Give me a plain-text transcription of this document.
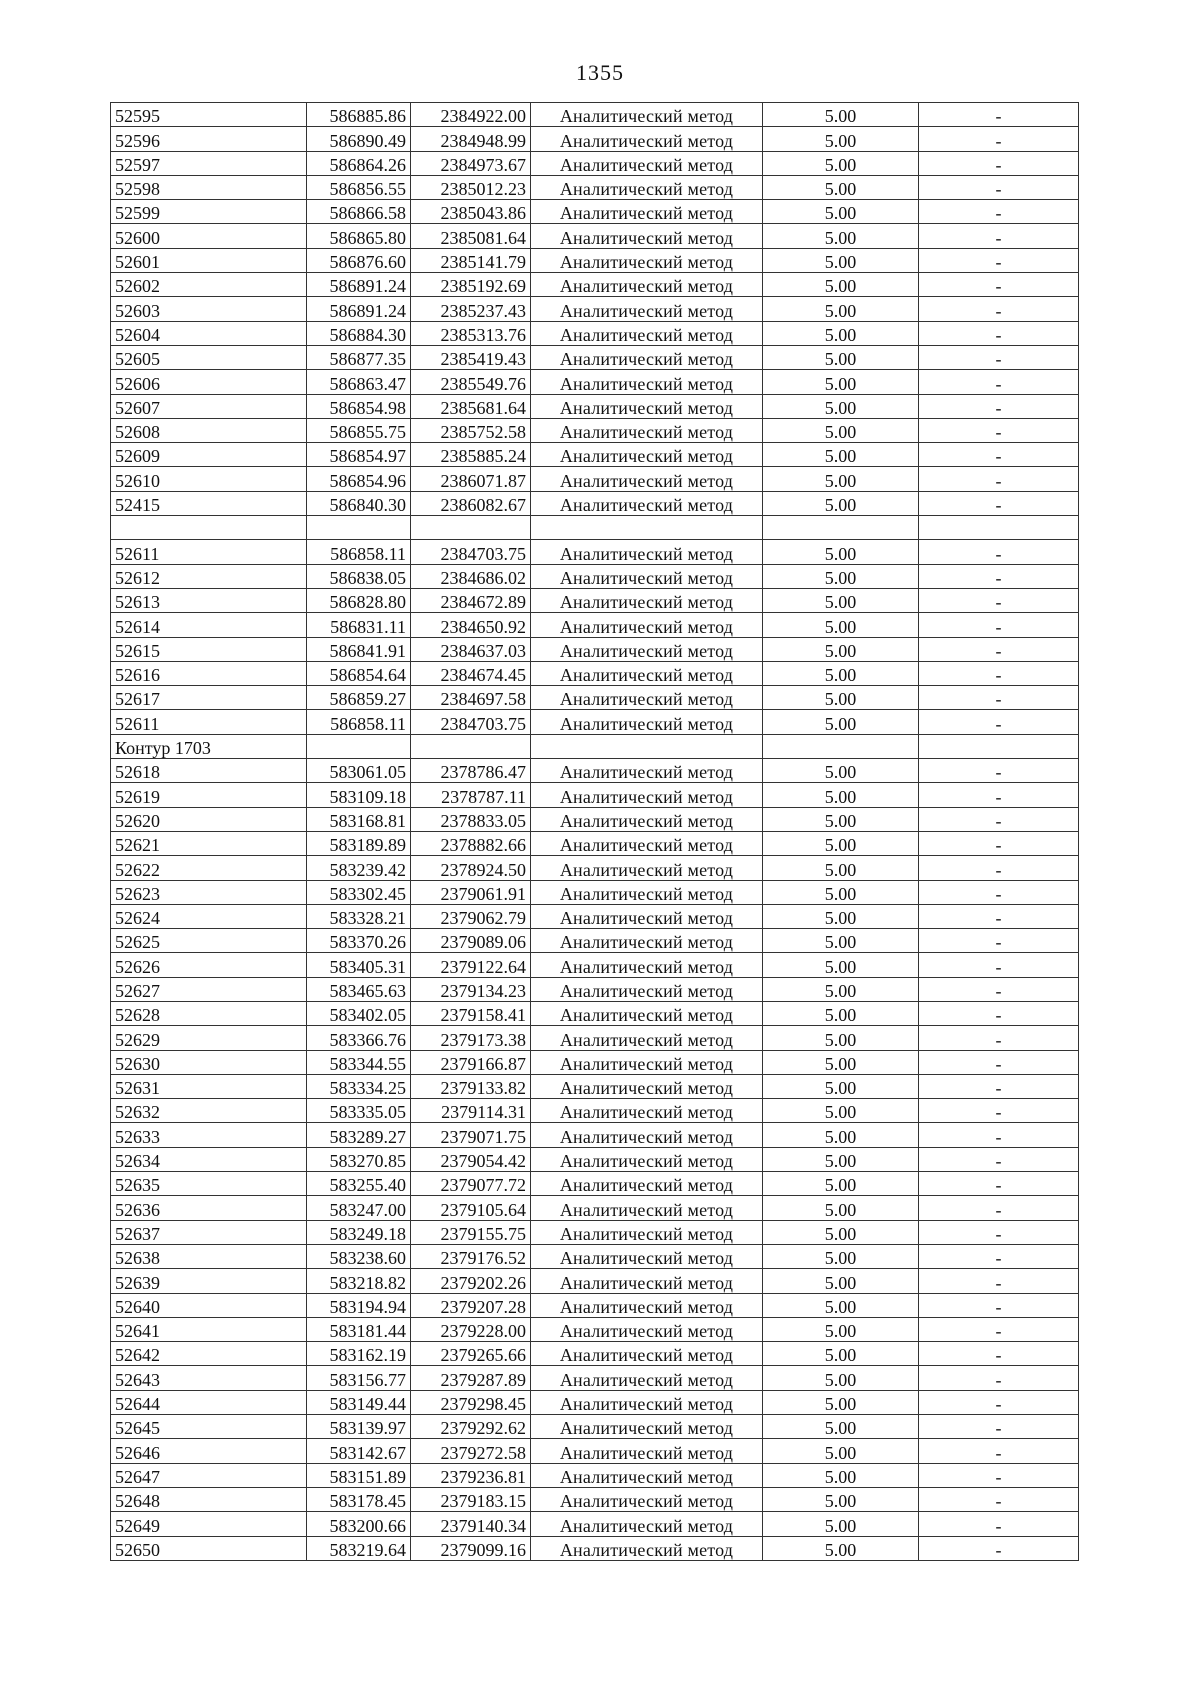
1355
52595	586885.86	2384922.00	Аналитический метод	5.00	-
52596	586890.49	2384948.99	Аналитический метод	5.00	-
52597	586864.26	2384973.67	Аналитический метод	5.00	-
52598	586856.55	2385012.23	Аналитический метод	5.00	-
52599	586866.58	2385043.86	Аналитический метод	5.00	-
52600	586865.80	2385081.64	Аналитический метод	5.00	-
52601	586876.60	2385141.79	Аналитический метод	5.00	-
52602	586891.24	2385192.69	Аналитический метод	5.00	-
52603	586891.24	2385237.43	Аналитический метод	5.00	-
52604	586884.30	2385313.76	Аналитический метод	5.00	-
52605	586877.35	2385419.43	Аналитический метод	5.00	-
52606	586863.47	2385549.76	Аналитический метод	5.00	-
52607	586854.98	2385681.64	Аналитический метод	5.00	-
52608	586855.75	2385752.58	Аналитический метод	5.00	-
52609	586854.97	2385885.24	Аналитический метод	5.00	-
52610	586854.96	2386071.87	Аналитический метод	5.00	-
52415	586840.30	2386082.67	Аналитический метод	5.00	-

52611	586858.11	2384703.75	Аналитический метод	5.00	-
52612	586838.05	2384686.02	Аналитический метод	5.00	-
52613	586828.80	2384672.89	Аналитический метод	5.00	-
52614	586831.11	2384650.92	Аналитический метод	5.00	-
52615	586841.91	2384637.03	Аналитический метод	5.00	-
52616	586854.64	2384674.45	Аналитический метод	5.00	-
52617	586859.27	2384697.58	Аналитический метод	5.00	-
52611	586858.11	2384703.75	Аналитический метод	5.00	-
Контур 1703					
52618	583061.05	2378786.47	Аналитический метод	5.00	-
52619	583109.18	2378787.11	Аналитический метод	5.00	-
52620	583168.81	2378833.05	Аналитический метод	5.00	-
52621	583189.89	2378882.66	Аналитический метод	5.00	-
52622	583239.42	2378924.50	Аналитический метод	5.00	-
52623	583302.45	2379061.91	Аналитический метод	5.00	-
52624	583328.21	2379062.79	Аналитический метод	5.00	-
52625	583370.26	2379089.06	Аналитический метод	5.00	-
52626	583405.31	2379122.64	Аналитический метод	5.00	-
52627	583465.63	2379134.23	Аналитический метод	5.00	-
52628	583402.05	2379158.41	Аналитический метод	5.00	-
52629	583366.76	2379173.38	Аналитический метод	5.00	-
52630	583344.55	2379166.87	Аналитический метод	5.00	-
52631	583334.25	2379133.82	Аналитический метод	5.00	-
52632	583335.05	2379114.31	Аналитический метод	5.00	-
52633	583289.27	2379071.75	Аналитический метод	5.00	-
52634	583270.85	2379054.42	Аналитический метод	5.00	-
52635	583255.40	2379077.72	Аналитический метод	5.00	-
52636	583247.00	2379105.64	Аналитический метод	5.00	-
52637	583249.18	2379155.75	Аналитический метод	5.00	-
52638	583238.60	2379176.52	Аналитический метод	5.00	-
52639	583218.82	2379202.26	Аналитический метод	5.00	-
52640	583194.94	2379207.28	Аналитический метод	5.00	-
52641	583181.44	2379228.00	Аналитический метод	5.00	-
52642	583162.19	2379265.66	Аналитический метод	5.00	-
52643	583156.77	2379287.89	Аналитический метод	5.00	-
52644	583149.44	2379298.45	Аналитический метод	5.00	-
52645	583139.97	2379292.62	Аналитический метод	5.00	-
52646	583142.67	2379272.58	Аналитический метод	5.00	-
52647	583151.89	2379236.81	Аналитический метод	5.00	-
52648	583178.45	2379183.15	Аналитический метод	5.00	-
52649	583200.66	2379140.34	Аналитический метод	5.00	-
52650	583219.64	2379099.16	Аналитический метод	5.00	-
